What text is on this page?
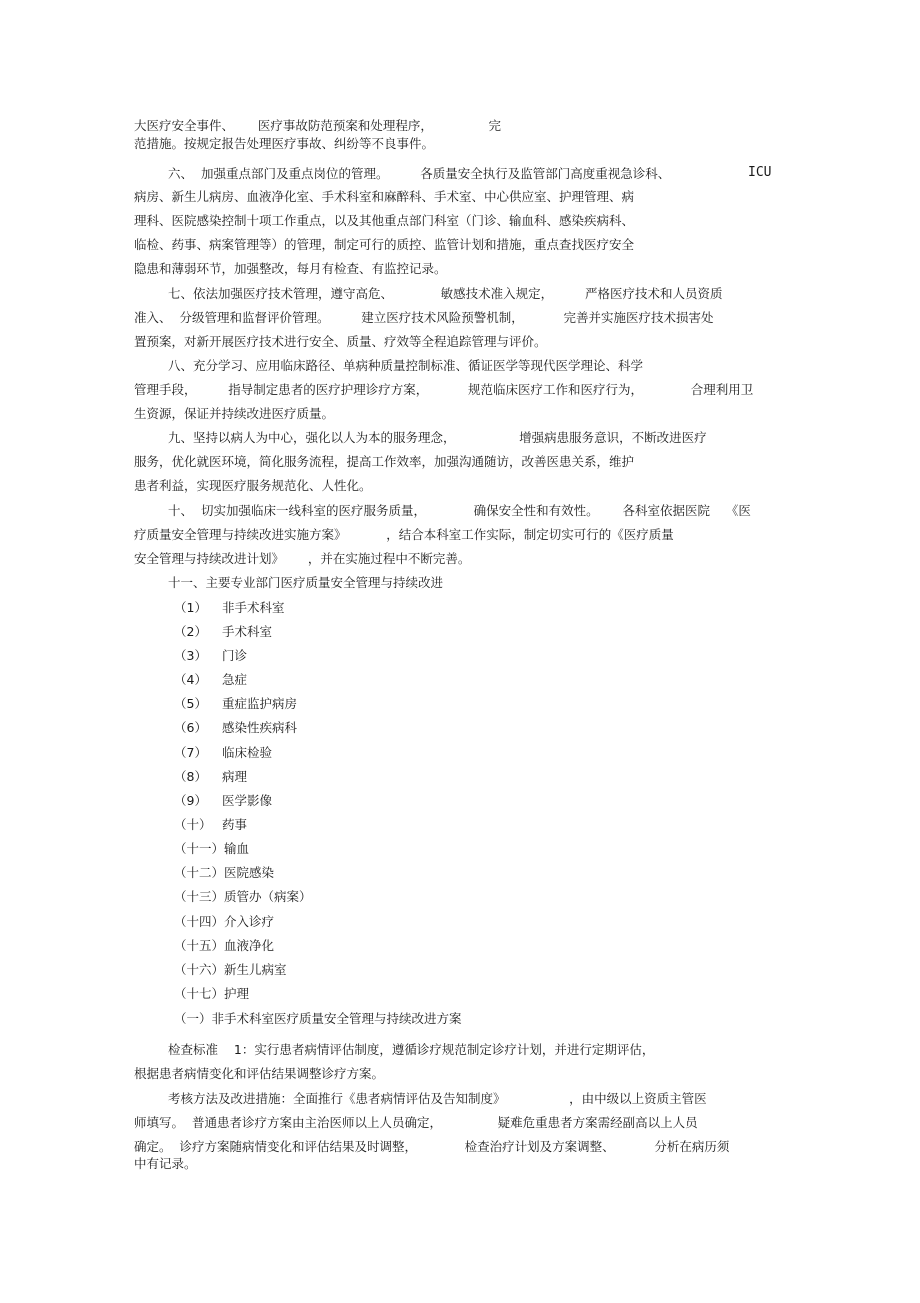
大医疗安全事件、      医疗事故防范预案和处理程序，              完
范措施。按规定报告处理医疗事故、纠纷等不良事件。
六、  加强重点部门及重点岗位的管理。        各质量安全执行及监管部门高度重视急诊科、	ICU
病房、新生儿病房、血液净化室、手术科室和麻醉科、手术室、中心供应室、护理管理、病
理科、医院感染控制十项工作重点，以及其他重点部门科室（门诊、输血科、感染疾病科、
临检、药事、病案管理等）的管理，制定可行的质控、监管计划和措施，重点查找医疗安全
隐患和薄弱环节，加强整改，每月有检查、有监控记录。
七、依法加强医疗技术管理，遵守高危、            敏感技术准入规定，        严格医疗技术和人员资质
准入、  分级管理和监督评价管理。        建立医疗技术风险预警机制，          完善并实施医疗技术损害处
置预案，对新开展医疗技术进行安全、质量、疗效等全程追踪管理与评价。
八、充分学习、应用临床路径、单病种质量控制标准、循证医学等现代医学理论、科学
管理手段，        指导制定患者的医疗护理诊疗方案，          规范临床医疗工作和医疗行为，            合理利用卫
生资源，保证并持续改进医疗质量。
九、坚持以病人为中心，强化以人为本的服务理念，                增强病患服务意识，不断改进医疗
服务，优化就医环境，简化服务流程，提高工作效率，加强沟通随访，改善医患关系，维护
患者利益，实现医疗服务规范化、人性化。
十、  切实加强临床一线科室的医疗服务质量，            确保安全性和有效性。      各科室依据医院    《医
疗质量安全管理与持续改进实施方案》          ，结合本科室工作实际，制定切实可行的《医疗质量
安全管理与持续改进计划》      ，并在实施过程中不断完善。
十一、主要专业部门医疗质量安全管理与持续改进
（1） 非手术科室
（2） 手术科室
（3） 门诊
（4） 急症
（5） 重症监护病房
（6） 感染性疾病科
（7） 临床检验
（8） 病理
（9） 医学影像
（十） 药事
（十一）输血
（十二）医院感染
（十三）质管办（病案）
（十四）介入诊疗
（十五）血液净化
（十六）新生儿病室
（十七）护理
（一）非手术科室医疗质量安全管理与持续改进方案
检查标准    1：实行患者病情评估制度，遵循诊疗规范制定诊疗计划，并进行定期评估，
根据患者病情变化和评估结果调整诊疗方案。
考核方法及改进措施：全面推行《患者病情评估及告知制度》                ，由中级以上资质主管医
师填写。  普通患者诊疗方案由主治医师以上人员确定，              疑难危重患者方案需经副高以上人员
确定。  诊疗方案随病情变化和评估结果及时调整，            检查治疗计划及方案调整、          分析在病历须
中有记录。
